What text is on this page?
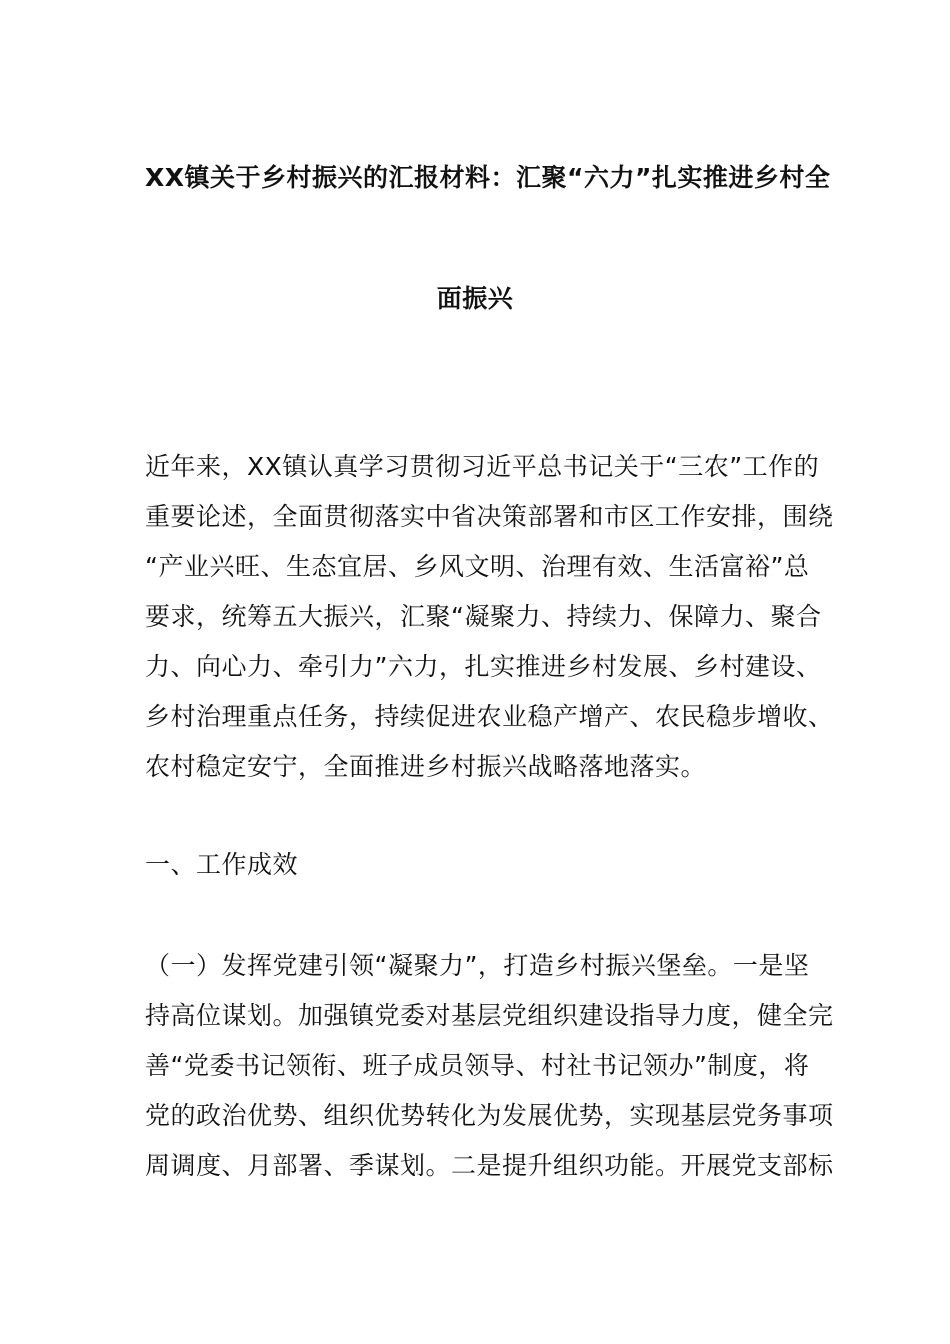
XX镇关于乡村振兴的汇报材料：汇聚“六力”扎实推进乡村全
面振兴
近年来，XX镇认真学习贯彻习近平总书记关于“三农”工作的
重要论述，全面贯彻落实中省决策部署和市区工作安排，围绕
“产业兴旺、生态宜居、乡风文明、治理有效、生活富裕”总
要求，统筹五大振兴，汇聚“凝聚力、持续力、保障力、聚合
力、向心力、牵引力”六力，扎实推进乡村发展、乡村建设、
乡村治理重点任务，持续促进农业稳产增产、农民稳步增收、
农村稳定安宁，全面推进乡村振兴战略落地落实。
一、工作成效
（一）发挥党建引领“凝聚力”，打造乡村振兴堡垒。一是坚
持高位谋划。加强镇党委对基层党组织建设指导力度，健全完
善“党委书记领衔、班子成员领导、村社书记领办”制度，将
党的政治优势、组织优势转化为发展优势，实现基层党务事项
周调度、月部署、季谋划。二是提升组织功能。开展党支部标
